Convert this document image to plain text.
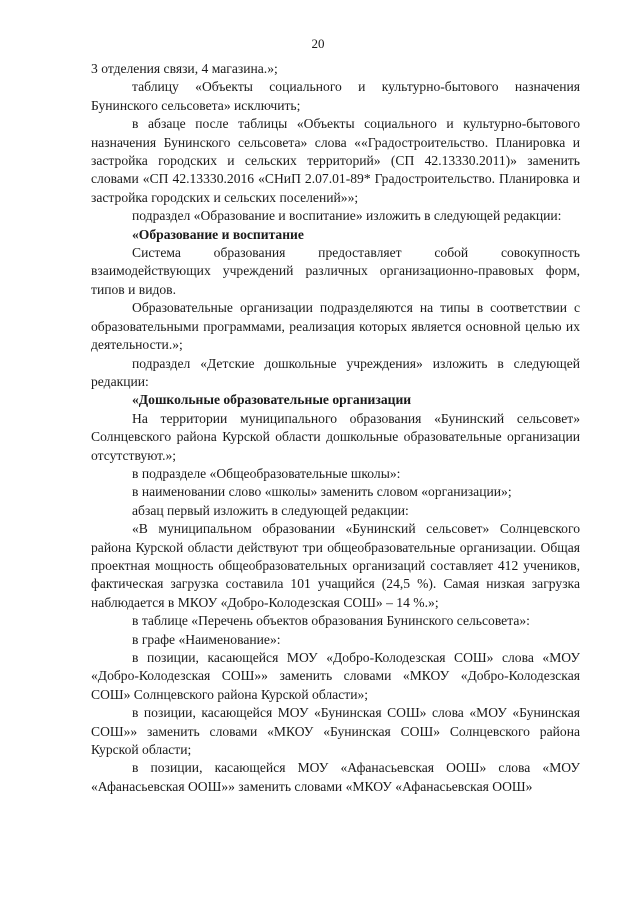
20

3 отделения связи, 4 магазина.»;

таблицу «Объекты социального и культурно-бытового назначения Бунинского сельсовета» исключить;

в абзаце после таблицы «Объекты социального и культурно-бытового назначения Бунинского сельсовета» слова ««Градостроительство. Планировка и застройка городских и сельских территорий» (СП 42.13330.2011)» заменить словами «СП 42.13330.2016 «СНиП 2.07.01-89* Градостроительство. Планировка и застройка городских и сельских поселений»»;

подраздел «Образование и воспитание» изложить в следующей редакции:

«Образование и воспитание

Система образования предоставляет собой совокупность взаимодействующих учреждений различных организационно-правовых форм, типов и видов.

Образовательные организации подразделяются на типы в соответствии с образовательными программами, реализация которых является основной целью их деятельности.»;

подраздел «Детские дошкольные учреждения» изложить в следующей редакции:

«Дошкольные образовательные организации

На территории муниципального образования «Бунинский сельсовет» Солнцевского района Курской области дошкольные образовательные организации отсутствуют.»;

в подразделе «Общеобразовательные школы»:

в наименовании слово «школы» заменить словом «организации»;

абзац первый изложить в следующей редакции:

«В муниципальном образовании «Бунинский сельсовет» Солнцевского района Курской области действуют три общеобразовательные организации. Общая проектная мощность общеобразовательных организаций составляет 412 учеников, фактическая загрузка составила 101 учащийся (24,5 %). Самая низкая загрузка наблюдается в МКОУ «Добро-Колодезская СОШ» – 14 %.»;

в таблице «Перечень объектов образования Бунинского сельсовета»:

в графе «Наименование»:

в позиции, касающейся МОУ «Добро-Колодезская СОШ» слова «МОУ «Добро-Колодезская СОШ»» заменить словами «МКОУ «Добро-Колодезская СОШ» Солнцевского района Курской области»;

в позиции, касающейся МОУ «Бунинская СОШ» слова «МОУ «Бунинская СОШ»» заменить словами «МКОУ «Бунинская СОШ» Солнцевского района Курской области;

в позиции, касающейся МОУ «Афанасьевская ООШ» слова «МОУ «Афанасьевская ООШ»» заменить словами «МКОУ «Афанасьевская ООШ»
